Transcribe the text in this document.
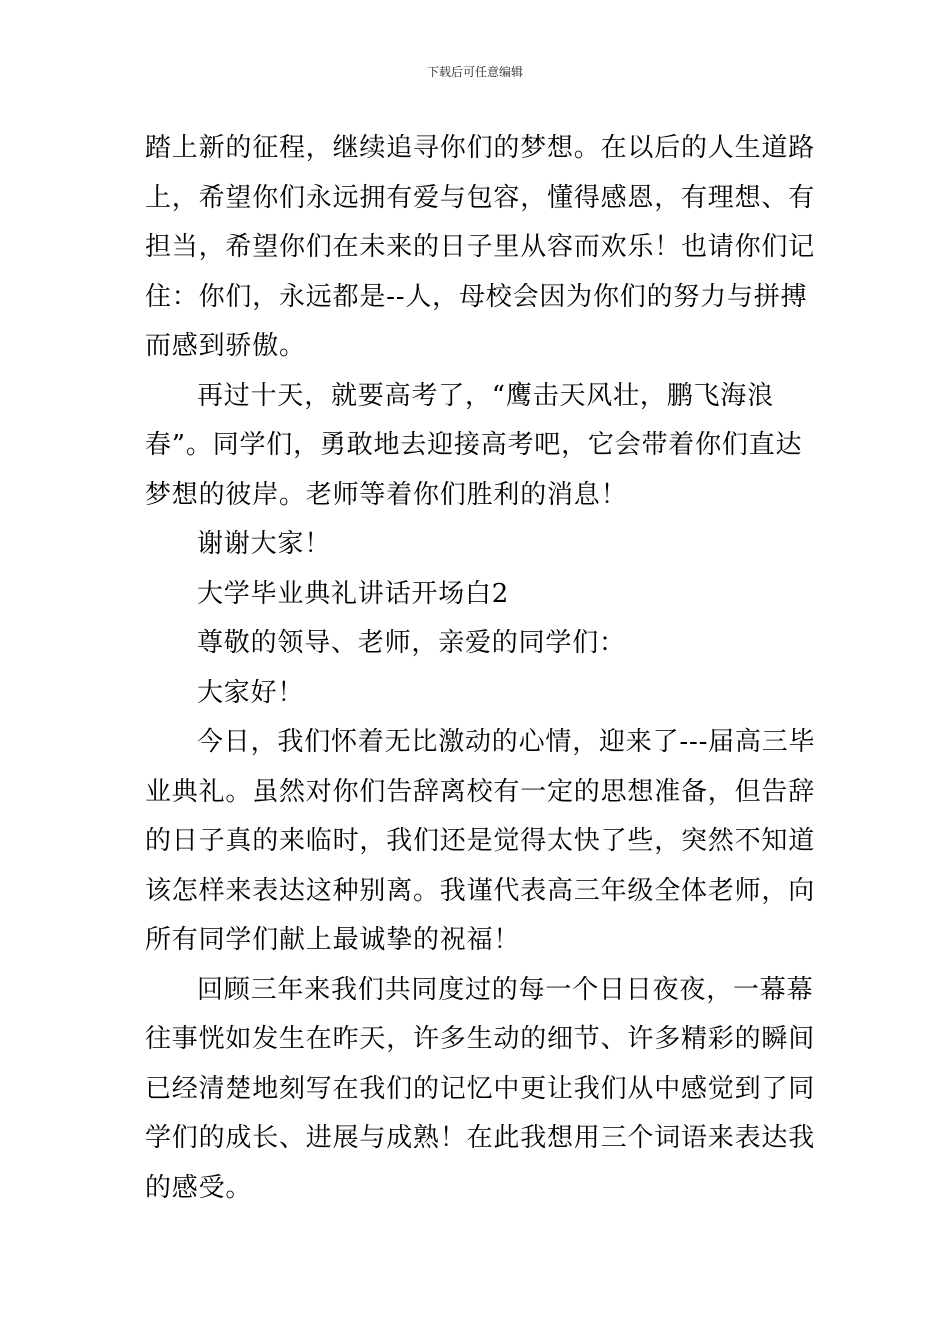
下载后可任意编辑
踏上新的征程，继续追寻你们的梦想。在以后的人生道路
上，希望你们永远拥有爱与包容，懂得感恩，有理想、有
担当，希望你们在未来的日子里从容而欢乐！也请你们记
住：你们，永远都是--人，母校会因为你们的努力与拼搏
而感到骄傲。
再过十天，就要高考了，“鹰击天风壮，鹏飞海浪
春”。同学们，勇敢地去迎接高考吧，它会带着你们直达
梦想的彼岸。老师等着你们胜利的消息！
谢谢大家！
大学毕业典礼讲话开场白2
尊敬的领导、老师，亲爱的同学们：
大家好！
今日，我们怀着无比激动的心情，迎来了---届高三毕
业典礼。虽然对你们告辞离校有一定的思想准备，但告辞
的日子真的来临时，我们还是觉得太快了些，突然不知道
该怎样来表达这种别离。我谨代表高三年级全体老师，向
所有同学们献上最诚挚的祝福！
回顾三年来我们共同度过的每一个日日夜夜，一幕幕
往事恍如发生在昨天，许多生动的细节、许多精彩的瞬间
已经清楚地刻写在我们的记忆中更让我们从中感觉到了同
学们的成长、进展与成熟！在此我想用三个词语来表达我
的感受。
